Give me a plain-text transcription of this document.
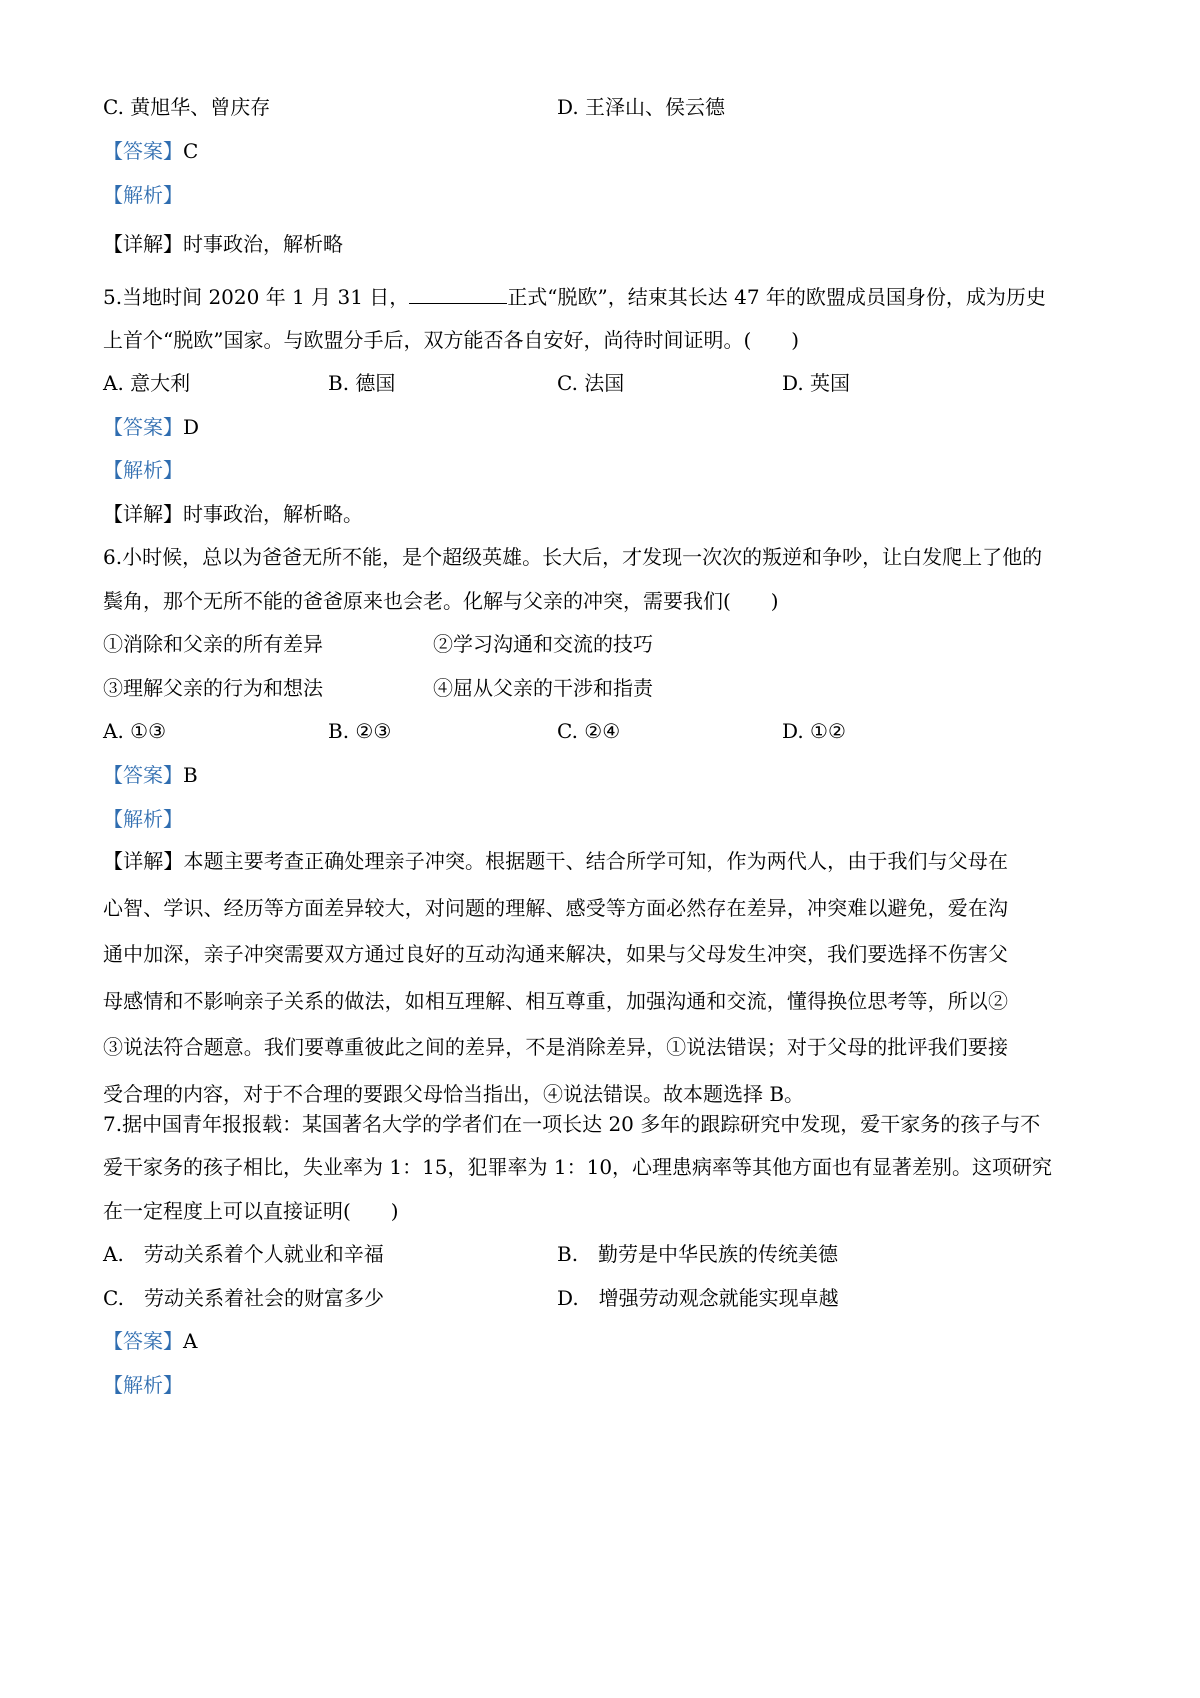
C. 黄旭华、曾庆存	D. 王泽山、侯云德
【答案】C
【解析】
【详解】时事政治，解析略
5.当地时间 2020 年 1 月 31 日，	正式“脱欧”，结束其长达 47 年的欧盟成员国身份，成为历史
上首个“脱欧”国家。与欧盟分手后，双方能否各自安好，尚待时间证明。(　　)
A. 意大利	B. 德国	C. 法国	D. 英国
【答案】D
【解析】
【详解】时事政治，解析略。
6.小时候，总以为爸爸无所不能，是个超级英雄。长大后，才发现一次次的叛逆和争吵，让白发爬上了他的
鬓角，那个无所不能的爸爸原来也会老。化解与父亲的冲突，需要我们(　　)
①消除和父亲的所有差异	②学习沟通和交流的技巧
③理解父亲的行为和想法	④屈从父亲的干涉和指责
A. ①③	B. ②③	C. ②④	D. ①②
【答案】B
【解析】
【详解】本题主要考查正确处理亲子冲突。根据题干、结合所学可知，作为两代人，由于我们与父母在心智、学识、经历等方面差异较大，对问题的理解、感受等方面必然存在差异，冲突难以避免，爱在沟通中加深，亲子冲突需要双方通过良好的互动沟通来解决，如果与父母发生冲突，我们要选择不伤害父母感情和不影响亲子关系的做法，如相互理解、相互尊重，加强沟通和交流，懂得换位思考等，所以②③说法符合题意。我们要尊重彼此之间的差异，不是消除差异，①说法错误；对于父母的批评我们要接受合理的内容，对于不合理的要跟父母恰当指出，④说法错误。故本题选择 B。
7.据中国青年报报载：某国著名大学的学者们在一项长达 20 多年的跟踪研究中发现，爱干家务的孩子与不
爱干家务的孩子相比，失业率为 1：15，犯罪率为 1：10，心理患病率等其他方面也有显著差别。这项研究
在一定程度上可以直接证明(　　)
A.　劳动关系着个人就业和辛福	B.　勤劳是中华民族的传统美德
C.　劳动关系着社会的财富多少	D.　增强劳动观念就能实现卓越
【答案】A
【解析】
